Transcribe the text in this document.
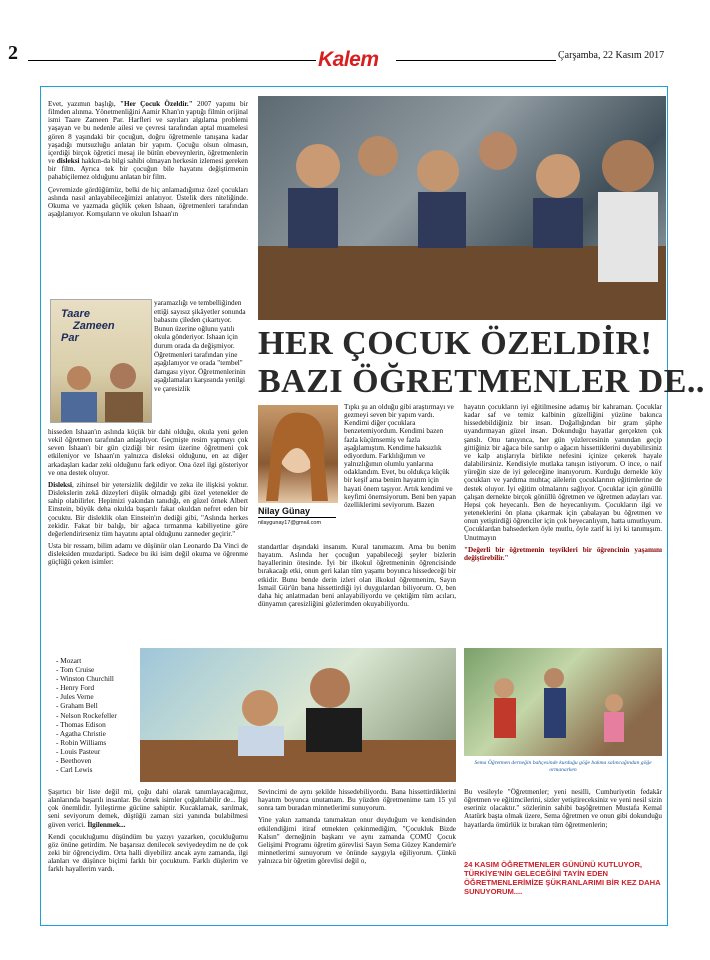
2	Kalem	Çarşamba, 22 Kasım 2017
HER ÇOCUK ÖZELDİR!
BAZI ÖĞRETMENLER DE..
Nilay Günay
nilaygunay17@gmail.com

Evet, yazımın başlığı, "Her Çocuk Özeldir." 2007 yapımı bir filmden alınma. Yönetmenliğini Aamir Khan'ın yaptığı filmin orijinal ismi Taare Zameen Par. Harfleri ve sayıları algılama problemi yaşayan ve bu nedenle ailesi ve çevresi tarafından aptal muamelesi gören 8 yaşındaki bir çocuğun, doğru öğretmenle tanışana kadar yaşadığı mutsuzluğu anlatan bir yapım. Çocuğu olsun olmasın, içerdiği birçok öğretici mesaj ile bütün ebeveynlerin, öğretmenlerin ve disleksi hakkın-da bilgi sahibi olmayan herkesin izlemesi gereken bir film. Ayrıca tek bir çocuğun bile hayatını değiştirmenin pahabiçilemez olduğunu anlatan bir film.

Çevremizde gördüğümüz, belki de hiç anlamadığımız özel çocukları aslında nasıl anlayabileceğimizi anlatıyor. Üstelik ders niteliğinde. Okuma ve yazmada güçlük çeken Ishaan, öğretmenleri tarafından aşağılanıyor. Komşuların ve okulun Ishaan'ın

Taare
Zameen
Par
yaramazlığı ve tembelliğinden ettiği sayısız şikâyetler sonunda babasını çileden çıkartıyor. Bunun üzerine oğlunu yatılı okula gönderiyor. Ishaan için durum orada da değişmiyor. Öğretmenleri tarafından yine aşağılanıyor ve orada "tembel" damgası yiyor. Öğretmenlerinin aşağılamaları karşısında yenilgi ve çaresizlik

hisseden Ishaan'ın aslında küçük bir dahi olduğu, okula yeni gelen vekil öğretmen tarafından anlaşılıyor. Geçmişte resim yapmayı çok seven Ishaan'ı bir gün çizdiği bir resim üzerine öğretmeni çok etkileniyor ve Ishaan'ın yalnızca disleksi olduğunu, en az diğer arkadaşları kadar zeki olduğunu fark ediyor. Ona özel ilgi gösteriyor ve ona destek oluyor.

Disleksi, zihinsel bir yetersizlik değildir ve zeka ile ilişkisi yoktur. Dislekslerin zekâ düzeyleri düşük olmadığı gibi özel yetenekler de sahip olabilirler. Hepimizi yakından tanıdığı, en güzel örnek Albert Einstein, büyük deha okulda başarılı fakat okuldan nefret eden bir çocuktu. Bir disleklik olan Einstein'ın dediği gibi, "Aslında herkes zekidir. Fakat bir balığı, bir ağaca tırmanma kabiliyetine göre değerlendirirseniz tüm hayatını aptal olduğunu zanneder geçirir."

Usta bir ressam, bilim adamı ve düşünür olan Leonardo Da Vinci de disleksiden muzdaripti. Sadece bu iki isim değil okuma ve öğrenme güçlüğü çeken isimler:

- Mozart
- Tom Cruise
- Winston Churchill
- Henry Ford
- Jules Verne
- Graham Bell
- Nelson Rockefeller
- Thomas Edison
- Agatha Christie
- Robin Williams
- Louis Pasteur
- Beethoven
- Carl Lewis

Şaşırtıcı bir liste değil mi, çoğu dahi olarak tanımlayacağımız, alanlarında başarılı insanlar. Bu örnek isimler çoğaltılabilir de... İlgi çok önemlidir. İyileştirme gücüne sahiptir. Kucaklamak, sarılmak, seni seviyorum demek, düştüğü zaman sizi yanında bulabilmesi güven verici. İlgilenmek...

Kendi çocukluğumu düşündüm bu yazıyı yazarken, çocukluğumu göz önüne getirdim. Ne başarısız denilecek seviyedeydim ne de çok zeki bir öğrenciydim. Orta halli diyebilirz ancak aynı zamanda, ilgi alanları ve düşünce biçimi farklı bir çocuktum. Farklı düşlerim ve farklı hayallerim vardı.

Tıpkı şu an olduğu gibi araştırmayı ve gezmeyi seven bir yapım vardı. Kendimi diğer çocuklara benzetemiyordum. Kendimi bazen fazla küçümsemiş ve fazla aşağılamıştım. Kendime haksızlık ediyordum. Farklılığımın ve yalnızlığımın olumlu yanlarına odaklandım. Evet, bu oldukça küçük bir keşif ama benim hayatım için hayati önem taşıyor. Artık kendimi ve keyfimi önemsiyorum. Beni ben yapan özelliklerimi seviyorum. Bazen
standartlar dışındaki insanım. Kural tanımazım. Ama bu benim hayatım. Aslında her çocuğun yapabileceği şeyler bizlerin hayallerinin ötesinde. İyi bir ilkokul öğretmeninin öğrencisinde bırakacağı etki, onun geri kalan tüm yaşamı boyunca hissedeceği bir etkidir. Bunu bende derin izleri olan ilkokul öğretmenim, Sayın İsmail Gür'ün bana hissettirdiği iyi duygulardan biliyorum. O, ben daha hiç anlatmadan beni anlayabiliyordu ve çektiğim tüm acıları, dünyamın çaresizliğini gözlerimden okuyabiliyordu.

Sevincimi de aynı şekilde hissedebiliyordu. Bana hissettirdiklerini hayatım boyunca unutamam. Bu yüzden öğretmenime tam 15 yıl sonra tam buradan minnetlerimi sunuyorum.

Yine yakın zamanda tanımaktan onur duyduğum ve kendisinden etkilendiğimi itiraf etmekten çekinmediğim, "Çocukluk Bizde Kalsın" derneğinin başkanı ve aynı zamanda ÇOMÜ Çocuk Gelişimi Programı öğretim görevlisi Sayın Sema Güzey Kandemir'e minnetlerimi sunuyorum ve önünde saygıyla eğiliyorum. Çünkü yalnızca bir öğretim görevlisi değil o,

hayatın çocukların iyi eğitilmesine adamış bir kahraman. Çocuklar kadar saf ve temiz kalbinin güzelliğini yüzüne bakınca hissedebildiğiniz bir insan. Doğallığından bir gram şüphe uyandırmayan güzel insan. Dokunduğu hayatlar gerçekten çok şanslı. Onu tanıyınca, her gün yüzlercesinin yanından geçip gittiğiniz bir ağaca bile sarılıp o ağacın hissettiklerini duyabilirsiniz ve kalp atışlarıyla birlikte nefesini içinize çekerek hayale dalabilirsiniz. Kendisiyle mutlaka tanışın istiyorum. O ince, o naif yüreğin size de iyi geleceğine inanıyorum. Kurduğu dernekle köy çocukları ve yardıma muhtaç ailelerin çocuklarının eğitimlerine de destek oluyor. İyi eğitim olmalarını sağlıyor. Çocuklar için gönüllü çalışan dernekte birçok gönüllü öğretmen ve öğretmen adayları var. Hepsi çok heyecanlı. Ben de heyecanlıyım. Çocukların ilgi ve yeteneklerini ön plana çıkarmak için çabalayan bu öğretmen ve onun yetiştirdiği öğrenciler için çok heyecanlıyım, hatta umutluyum. Çocuklardan bahsederken öyle mutlu, öyle zarif ki iyi ki tanımışım. Unutmayın

"Değerli bir öğretmenin teşvikleri bir öğrencinin yaşamını değiştirebilir."

Sema Öğretmen derneğin bahçesinde kurduğu göğe bakma salıncağından göğe ormanarken
Bu vesileyle "Öğretmenler; yeni nesilli, Cumhuriyetin fedakâr öğretmen ve eğitimcilerini, sizler yetiştireceksiniz ve yeni nesil sizin eseriniz olacaktır." sözlerinin sahibi başöğretmen Mustafa Kemal Atatürk başta olmak üzere, Sema öğretmen ve onun gibi dokunduğu hayatlarda ömürlük iz bırakan tüm öğretmenlerin;
24 KASIM ÖĞRETMENLER GÜNÜNÜ KUTLUYOR, TÜRKİYE'NİN GELECEĞİNİ TAYİN EDEN ÖĞRETMENLERİMİZE ŞÜKRANLARIMI BİR KEZ DAHA SUNUYORUM....
